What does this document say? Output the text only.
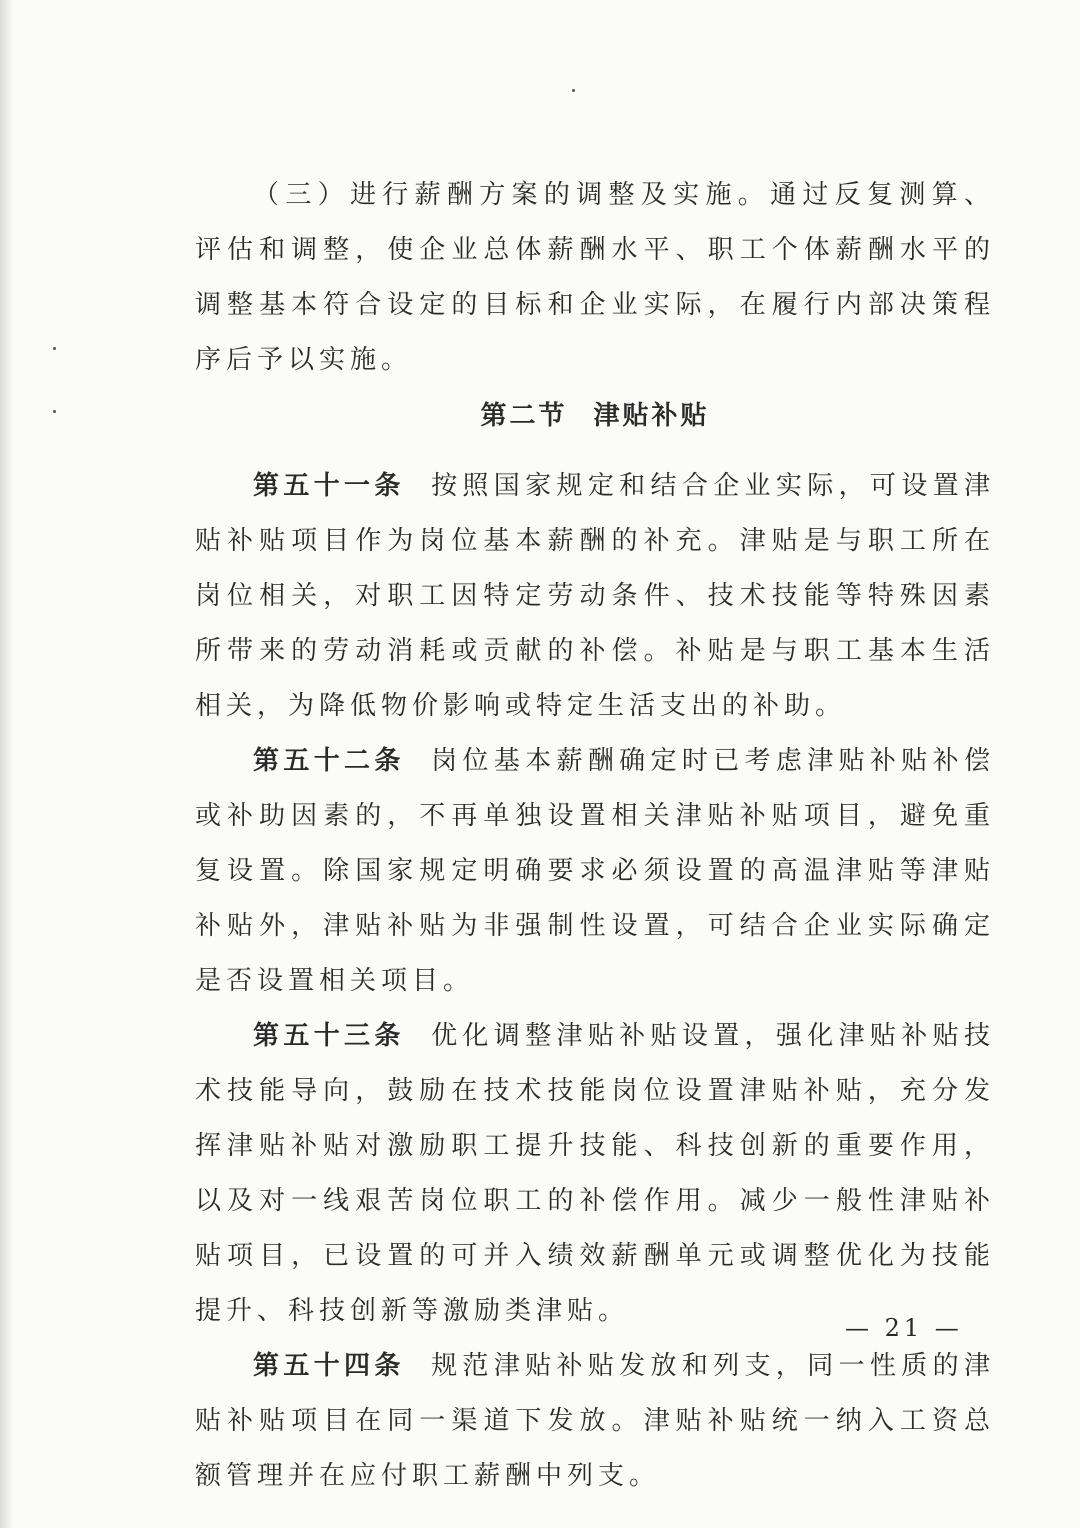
（三）进行薪酬方案的调整及实施。通过反复测算、评估和调整，使企业总体薪酬水平、职工个体薪酬水平的调整基本符合设定的目标和企业实际，在履行内部决策程序后予以实施。

第二节 津贴补贴

第五十一条 按照国家规定和结合企业实际，可设置津贴补贴项目作为岗位基本薪酬的补充。津贴是与职工所在岗位相关，对职工因特定劳动条件、技术技能等特殊因素所带来的劳动消耗或贡献的补偿。补贴是与职工基本生活相关，为降低物价影响或特定生活支出的补助。

第五十二条 岗位基本薪酬确定时已考虑津贴补贴补偿或补助因素的，不再单独设置相关津贴补贴项目，避免重复设置。除国家规定明确要求必须设置的高温津贴等津贴补贴外，津贴补贴为非强制性设置，可结合企业实际确定是否设置相关项目。

第五十三条 优化调整津贴补贴设置，强化津贴补贴技术技能导向，鼓励在技术技能岗位设置津贴补贴，充分发挥津贴补贴对激励职工提升技能、科技创新的重要作用，以及对一线艰苦岗位职工的补偿作用。减少一般性津贴补贴项目，已设置的可并入绩效薪酬单元或调整优化为技能提升、科技创新等激励类津贴。

第五十四条 规范津贴补贴发放和列支，同一性质的津贴补贴项目在同一渠道下发放。津贴补贴统一纳入工资总额管理并在应付职工薪酬中列支。

— 21 —
